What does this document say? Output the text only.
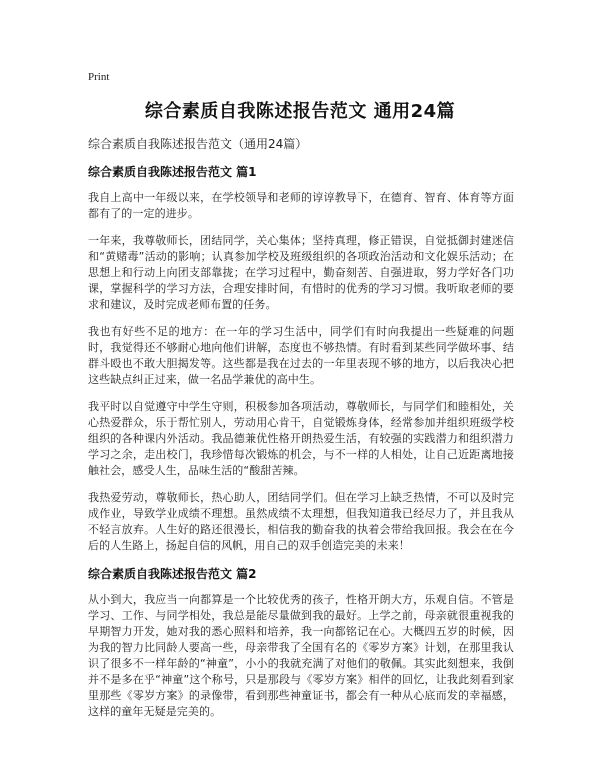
Print
综合素质自我陈述报告范文 通用24篇

综合素质自我陈述报告范文（通用24篇）

综合素质自我陈述报告范文 篇1

我自上高中一年级以来，在学校领导和老师的谆谆教导下，在德育、智育、体育等方面都有了的一定的进步。

一年来，我尊敬师长，团结同学，关心集体；坚持真理，修正错误，自觉抵御封建迷信和“黄赌毒”活动的影响；认真参加学校及班级组织的各项政治活动和文化娱乐活动；在思想上和行动上向团支部靠拢；在学习过程中，勤奋刻苦、自强进取，努力学好各门功课，掌握科学的学习方法，合理安排时间，有惜时的优秀的学习习惯。我听取老师的要求和建议，及时完成老师布置的任务。

我也有好些不足的地方：在一年的学习生活中，同学们有时向我提出一些疑难的问题时，我觉得还不够耐心地向他们讲解，态度也不够热情。有时看到某些同学做坏事、结群斗殴也不敢大胆揭发等。这些都是我在过去的一年里表现不够的地方，以后我决心把这些缺点纠正过来，做一名品学兼优的高中生。

我平时以自觉遵守中学生守则，积极参加各项活动，尊敬师长，与同学们和睦相处，关心热爱群众，乐于帮忙别人，劳动用心肯干，自觉锻炼身体，经常参加并组织班级学校组织的各种课内外活动。我品德兼优性格开朗热爱生活，有较强的实践潜力和组织潜力学习之余，走出校门，我珍惜每次锻炼的机会，与不一样的人相处，让自己近距离地接触社会，感受人生，品味生活的“酸甜苦辣。

我热爱劳动，尊敬师长，热心助人，团结同学们。但在学习上缺乏热情，不可以及时完成作业，导致学业成绩不理想。虽然成绩不太理想，但我知道我已经尽力了，并且我从不轻言放弃。人生好的路还很漫长，相信我的勤奋我的执着会带给我回报。我会在在今后的人生路上，扬起自信的风帆，用自己的双手创造完美的未来！

综合素质自我陈述报告范文 篇2

从小到大，我应当一向都算是一个比较优秀的孩子，性格开朗大方，乐观自信。不管是学习、工作、与同学相处，我总是能尽量做到我的最好。上学之前，母亲就很重视我的早期智力开发，她对我的悉心照料和培养，我一向都铭记在心。大概四五岁的时候，因为我的智力比同龄人要高一些，母亲带我了全国有名的《零岁方案》计划，在那里我认识了很多不一样年龄的“神童”，小小的我就充满了对他们的敬佩。其实此刻想来，我倒并不是多在乎“神童”这个称号，只是那段与《零岁方案》相伴的回忆，让我此刻看到家里那些《零岁方案》的录像带，看到那些神童证书，都会有一种从心底而发的幸福感，这样的童年无疑是完美的。
